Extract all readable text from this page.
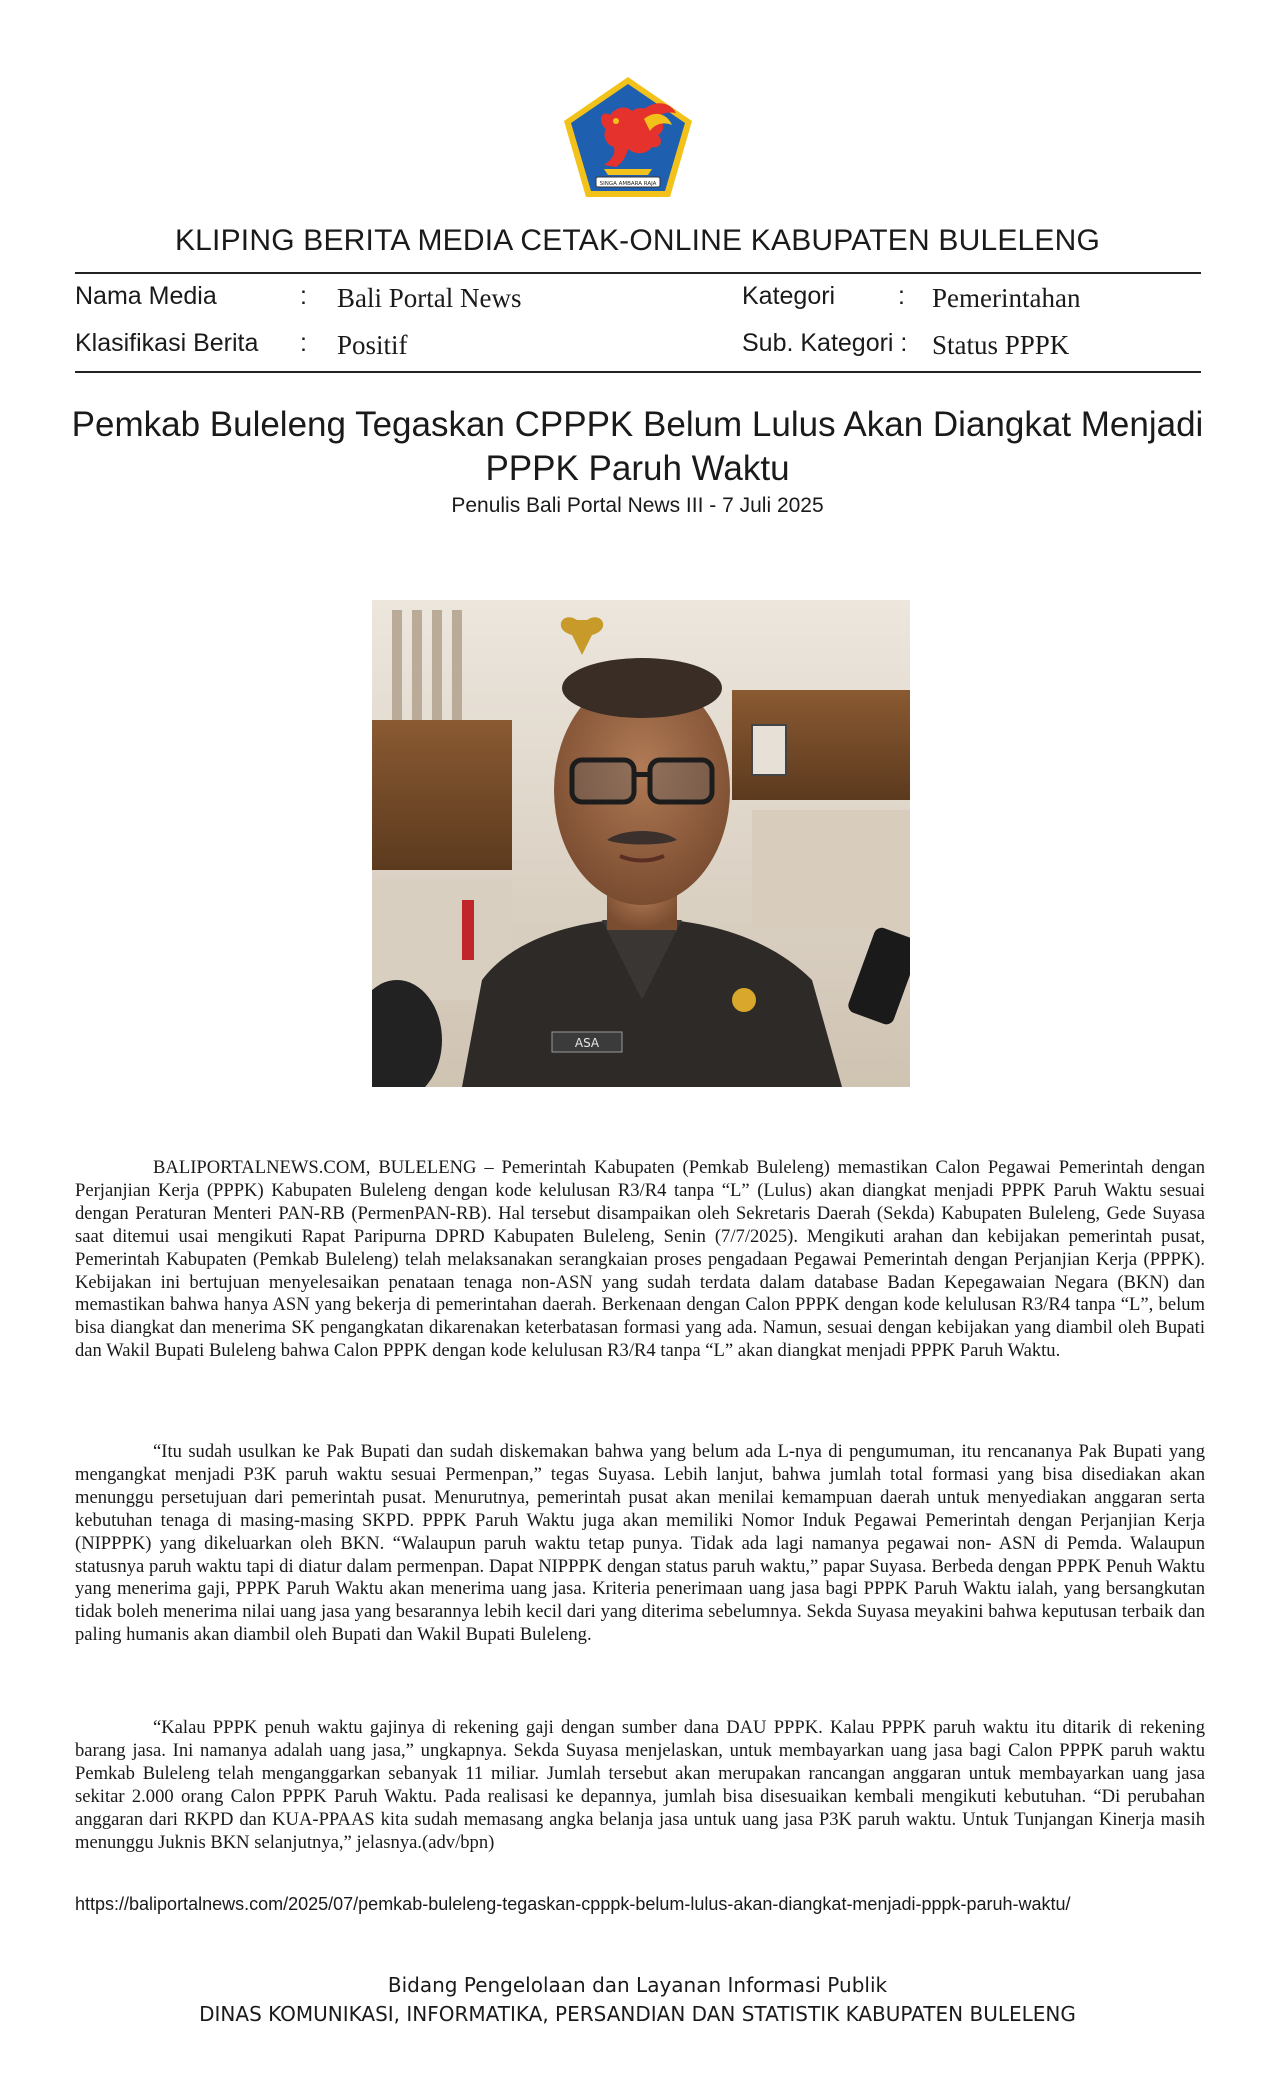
SINGA AMBARA RAJA
KLIPING BERITA MEDIA CETAK-ONLINE KABUPATEN BULELENG
Nama Media	: Bali Portal News	Kategori	: Pemerintahan
Klasifikasi Berita : Positif	Sub. Kategori : Status PPPK
Pemkab Buleleng Tegaskan CPPPK Belum Lulus Akan Diangkat Menjadi
PPPK Paruh Waktu
Penulis Bali Portal News III - 7 Juli 2025
ASA

BALIPORTALNEWS.COM, BULELENG – Pemerintah Kabupaten (Pemkab Buleleng) memastikan Calon Pegawai Pemerintah dengan Perjanjian Kerja (PPPK) Kabupaten Buleleng dengan kode kelulusan R3/R4 tanpa “L” (Lulus) akan diangkat menjadi PPPK Paruh Waktu sesuai dengan Peraturan Menteri PAN-RB (PermenPAN-RB). Hal tersebut disampaikan oleh Sekretaris Daerah (Sekda) Kabupaten Buleleng, Gede Suyasa saat ditemui usai mengikuti Rapat Paripurna DPRD Kabupaten Buleleng, Senin (7/7/2025). Mengikuti arahan dan kebijakan pemerintah pusat, Pemerintah Kabupaten (Pemkab Buleleng) telah melaksanakan serangkaian proses pengadaan Pegawai Pemerintah dengan Perjanjian Kerja (PPPK). Kebijakan ini bertujuan menyelesaikan penataan tenaga non-ASN yang sudah terdata dalam database Badan Kepegawaian Negara (BKN) dan memastikan bahwa hanya ASN yang bekerja di pemerintahan daerah. Berkenaan dengan Calon PPPK dengan kode kelulusan R3/R4 tanpa “L”, belum bisa diangkat dan menerima SK pengangkatan dikarenakan keterbatasan formasi yang ada. Namun, sesuai dengan kebijakan yang diambil oleh Bupati dan Wakil Bupati Buleleng bahwa Calon PPPK dengan kode kelulusan R3/R4 tanpa “L” akan diangkat menjadi PPPK Paruh Waktu.

“Itu sudah usulkan ke Pak Bupati dan sudah diskemakan bahwa yang belum ada L-nya di pengumuman, itu rencananya Pak Bupati yang mengangkat menjadi P3K paruh waktu sesuai Permenpan,” tegas Suyasa. Lebih lanjut, bahwa jumlah total formasi yang bisa disediakan akan menunggu persetujuan dari pemerintah pusat. Menurutnya, pemerintah pusat akan menilai kemampuan daerah untuk menyediakan anggaran serta kebutuhan tenaga di masing-masing SKPD. PPPK Paruh Waktu juga akan memiliki Nomor Induk Pegawai Pemerintah dengan Perjanjian Kerja (NIPPPK) yang dikeluarkan oleh BKN. “Walaupun paruh waktu tetap punya. Tidak ada lagi namanya pegawai non- ASN di Pemda. Walaupun statusnya paruh waktu tapi di diatur dalam permenpan. Dapat NIPPPK dengan status paruh waktu,” papar Suyasa. Berbeda dengan PPPK Penuh Waktu yang menerima gaji, PPPK Paruh Waktu akan menerima uang jasa. Kriteria penerimaan uang jasa bagi PPPK Paruh Waktu ialah, yang bersangkutan tidak boleh menerima nilai uang jasa yang besarannya lebih kecil dari yang diterima sebelumnya. Sekda Suyasa meyakini bahwa keputusan terbaik dan paling humanis akan diambil oleh Bupati dan Wakil Bupati Buleleng.

“Kalau PPPK penuh waktu gajinya di rekening gaji dengan sumber dana DAU PPPK. Kalau PPPK paruh waktu itu ditarik di rekening barang jasa. Ini namanya adalah uang jasa,” ungkapnya. Sekda Suyasa menjelaskan, untuk membayarkan uang jasa bagi Calon PPPK paruh waktu Pemkab Buleleng telah menganggarkan sebanyak 11 miliar. Jumlah tersebut akan merupakan rancangan anggaran untuk membayarkan uang jasa sekitar 2.000 orang Calon PPPK Paruh Waktu. Pada realisasi ke depannya, jumlah bisa disesuaikan kembali mengikuti kebutuhan. “Di perubahan anggaran dari RKPD dan KUA-PPAAS kita sudah memasang angka belanja jasa untuk uang jasa P3K paruh waktu. Untuk Tunjangan Kinerja masih menunggu Juknis BKN selanjutnya,” jelasnya.(adv/bpn)

https://baliportalnews.com/2025/07/pemkab-buleleng-tegaskan-cpppk-belum-lulus-akan-diangkat-menjadi-pppk-paruh-waktu/
Bidang Pengelolaan dan Layanan Informasi Publik
DINAS KOMUNIKASI, INFORMATIKA, PERSANDIAN DAN STATISTIK KABUPATEN BULELENG
